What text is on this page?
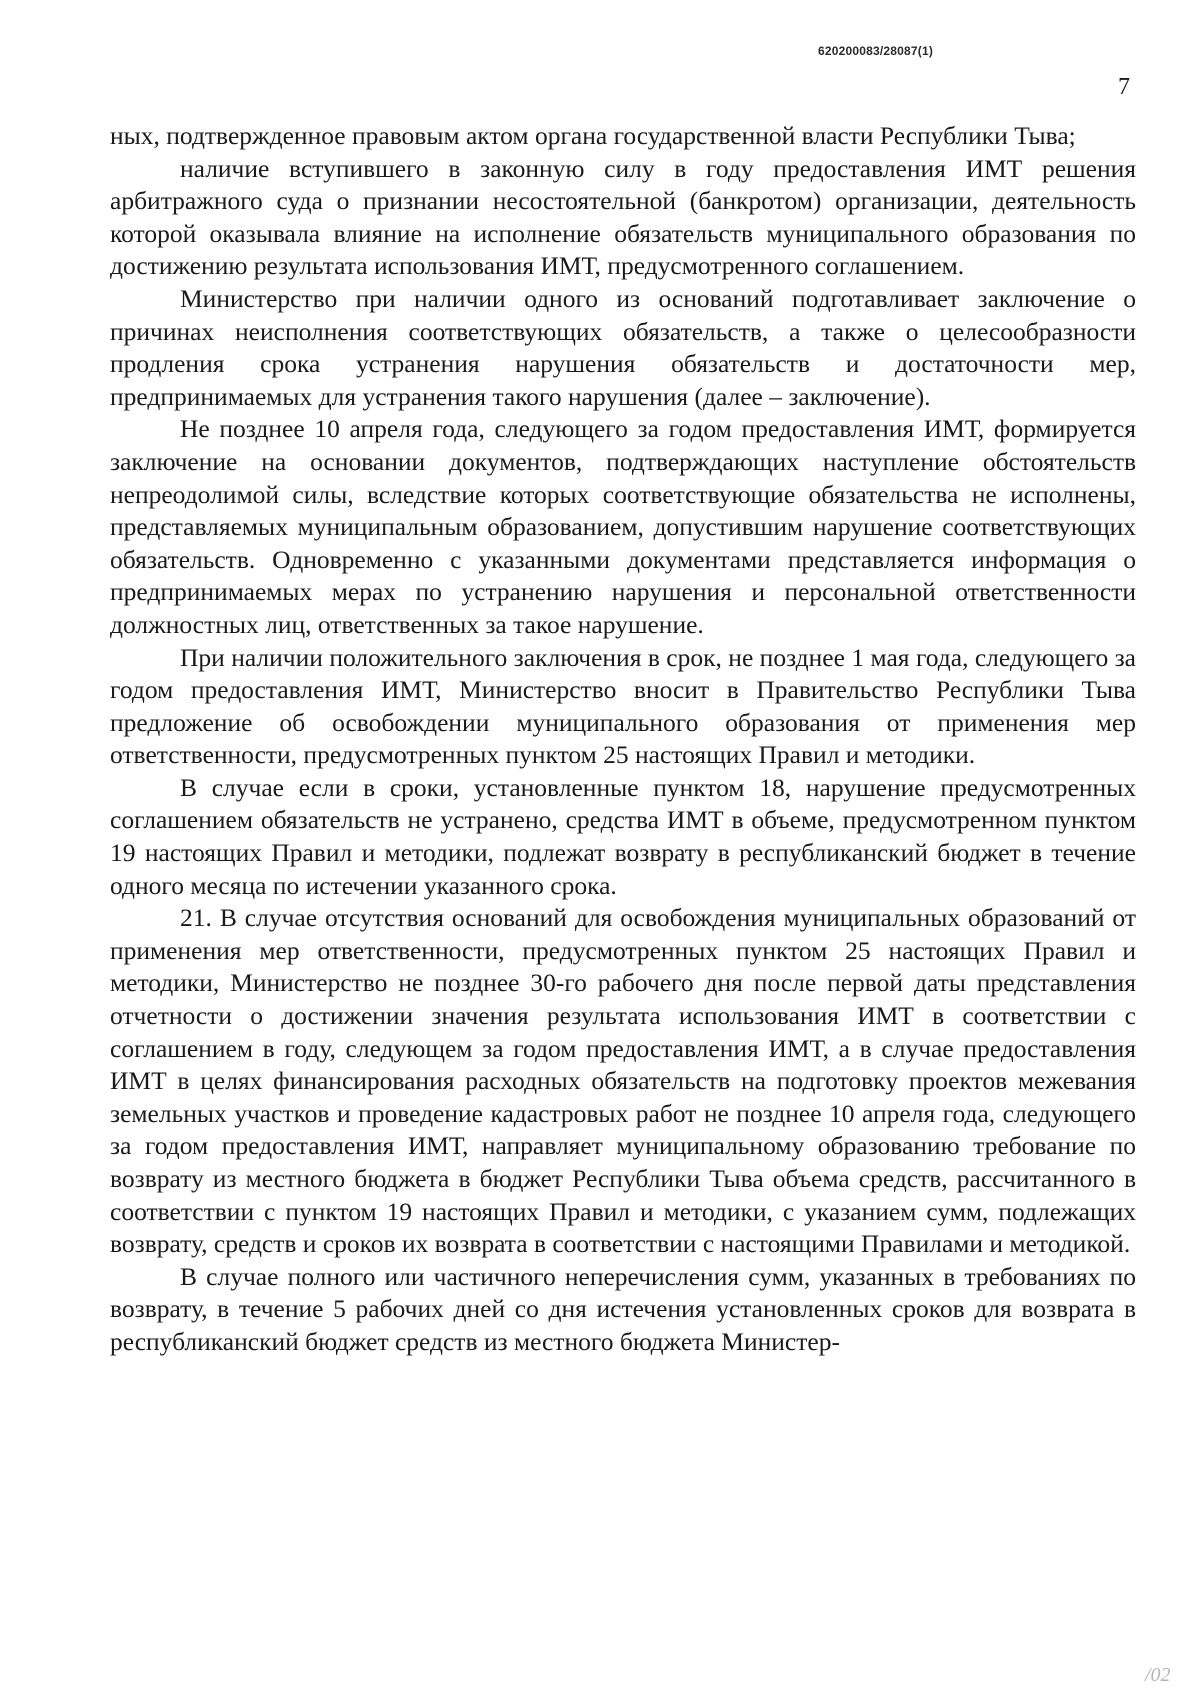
620200083/28087(1)
7

ных, подтвержденное правовым актом органа государственной власти Республики Тыва;

наличие вступившего в законную силу в году предоставления ИМТ решения арбитражного суда о признании несостоятельной (банкротом) организации, деятельность которой оказывала влияние на исполнение обязательств муниципального образования по достижению результата использования ИМТ, предусмотренного соглашением.

Министерство при наличии одного из оснований подготавливает заключение о причинах неисполнения соответствующих обязательств, а также о целесообразности продления срока устранения нарушения обязательств и достаточности мер, предпринимаемых для устранения такого нарушения (далее – заключение).

Не позднее 10 апреля года, следующего за годом предоставления ИМТ, формируется заключение на основании документов, подтверждающих наступление обстоятельств непреодолимой силы, вследствие которых соответствующие обязательства не исполнены, представляемых муниципальным образованием, допустившим нарушение соответствующих обязательств. Одновременно с указанными документами представляется информация о предпринимаемых мерах по устранению нарушения и персональной ответственности должностных лиц, ответственных за такое нарушение.

При наличии положительного заключения в срок, не позднее 1 мая года, следующего за годом предоставления ИМТ, Министерство вносит в Правительство Республики Тыва предложение об освобождении муниципального образования от применения мер ответственности, предусмотренных пунктом 25 настоящих Правил и методики.

В случае если в сроки, установленные пунктом 18, нарушение предусмотренных соглашением обязательств не устранено, средства ИМТ в объеме, предусмотренном пунктом 19 настоящих Правил и методики, подлежат возврату в республиканский бюджет в течение одного месяца по истечении указанного срока.

21. В случае отсутствия оснований для освобождения муниципальных образований от применения мер ответственности, предусмотренных пунктом 25 настоящих Правил и методики, Министерство не позднее 30-го рабочего дня после первой даты представления отчетности о достижении значения результата использования ИМТ в соответствии с соглашением в году, следующем за годом предоставления ИМТ, а в случае предоставления ИМТ в целях финансирования расходных обязательств на подготовку проектов межевания земельных участков и проведение кадастровых работ не позднее 10 апреля года, следующего за годом предоставления ИМТ, направляет муниципальному образованию требование по возврату из местного бюджета в бюджет Республики Тыва объема средств, рассчитанного в соответствии с пунктом 19 настоящих Правил и методики, с указанием сумм, подлежащих возврату, средств и сроков их возврата в соответствии с настоящими Правилами и методикой.

В случае полного или частичного неперечисления сумм, указанных в требованиях по возврату, в течение 5 рабочих дней со дня истечения установленных сроков для возврата в республиканский бюджет средств из местного бюджета Министер-

/02
